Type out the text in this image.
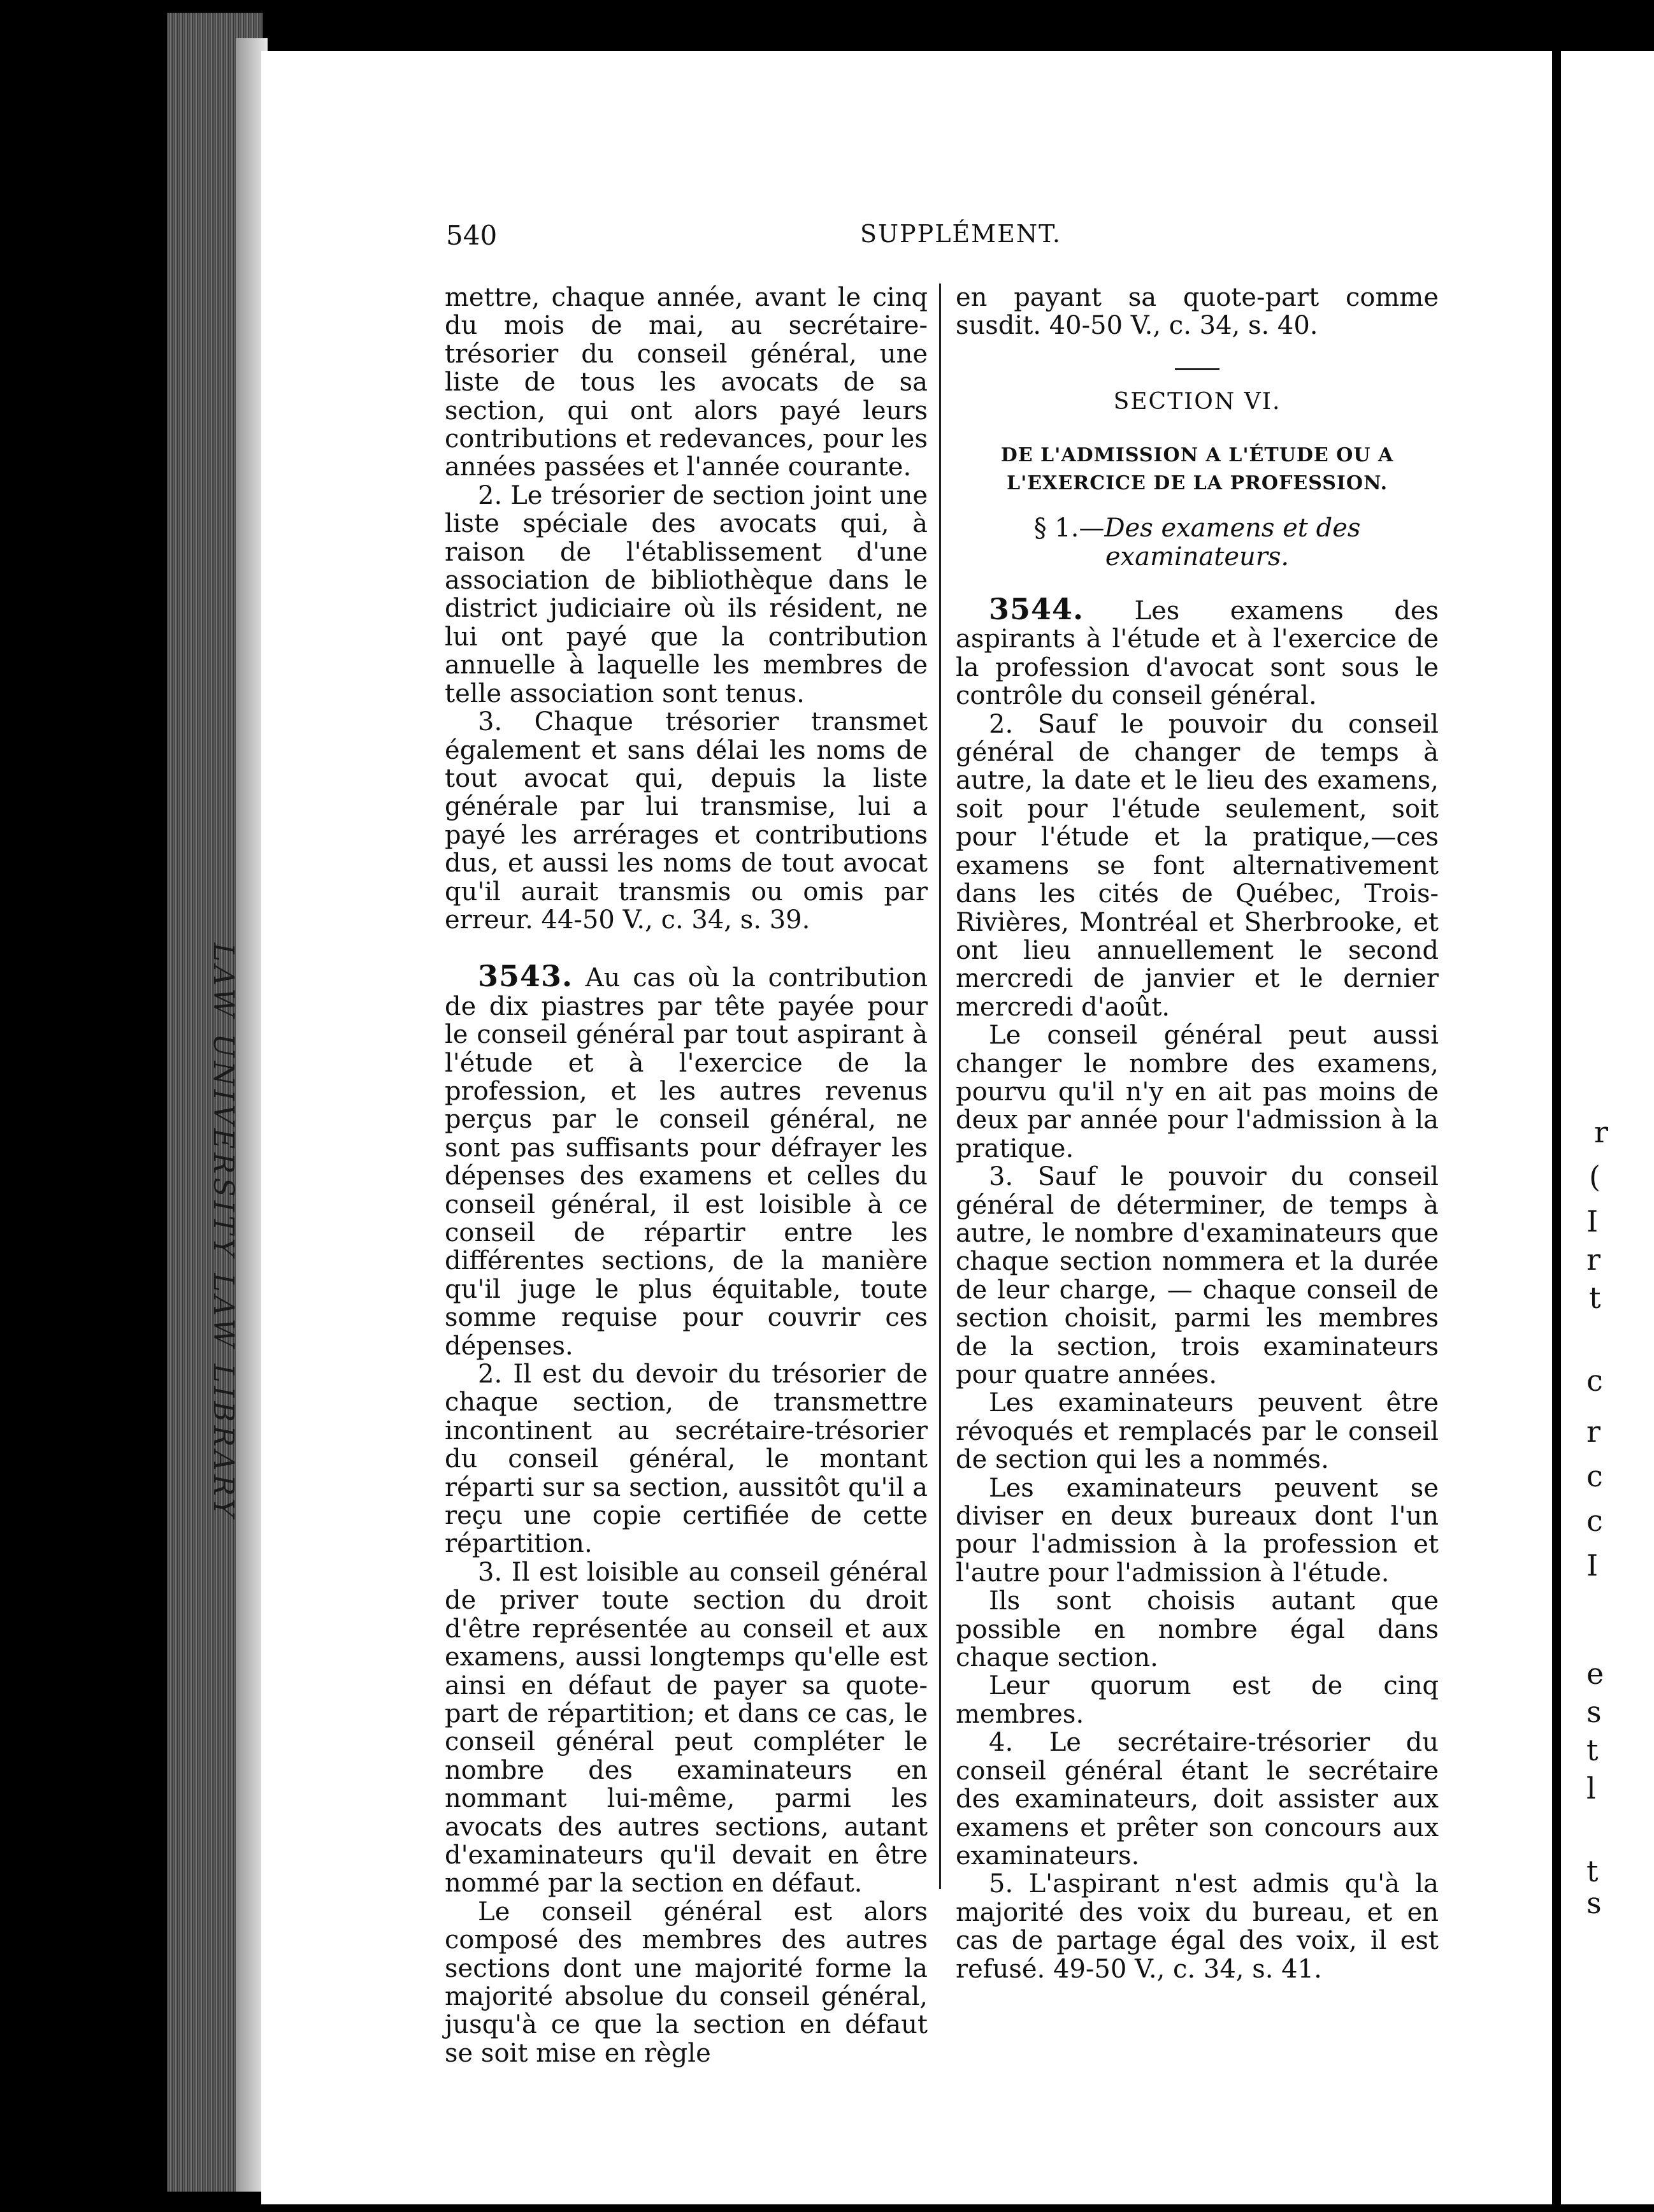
LAW UNIVERSITY LAW LIBRARY	r
(
I
r
t
c
r
c
c
I
e
s
t
l
t
s
540	SUPPLÉMENT.

mettre, chaque année, avant le cinq du mois de mai, au secrétaire-trésorier du conseil général, une liste de tous les avocats de sa section, qui ont alors payé leurs contributions et redevances, pour les années passées et l'année courante.

2. Le trésorier de section joint une liste spéciale des avocats qui, à raison de l'établissement d'une association de bibliothèque dans le district judiciaire où ils résident, ne lui ont payé que la contribution annuelle à laquelle les membres de telle association sont tenus.

3. Chaque trésorier transmet également et sans délai les noms de tout avocat qui, depuis la liste générale par lui transmise, lui a payé les arrérages et contributions dus, et aussi les noms de tout avocat qu'il aurait transmis ou omis par erreur. 44-50 V., c. 34, s. 39.

3543. Au cas où la contribution de dix piastres par tête payée pour le conseil général par tout aspirant à l'étude et à l'exercice de la profession, et les autres revenus perçus par le conseil général, ne sont pas suffisants pour défrayer les dépenses des examens et celles du conseil général, il est loisible à ce conseil de répartir entre les différentes sections, de la manière qu'il juge le plus équitable, toute somme requise pour couvrir ces dépenses.

2. Il est du devoir du trésorier de chaque section, de transmettre incontinent au secrétaire-trésorier du conseil général, le montant réparti sur sa section, aussitôt qu'il a reçu une copie certifiée de cette répartition.

3. Il est loisible au conseil général de priver toute section du droit d'être représentée au conseil et aux examens, aussi longtemps qu'elle est ainsi en défaut de payer sa quote-part de répartition; et dans ce cas, le conseil général peut compléter le nombre des examinateurs en nommant lui-même, parmi les avocats des autres sections, autant d'examinateurs qu'il devait en être nommé par la section en défaut.

Le conseil général est alors composé des membres des autres sections dont une majorité forme la majorité absolue du conseil général, jusqu'à ce que la section en défaut se soit mise en règle

en payant sa quote-part comme susdit. 40-50 V., c. 34, s. 40.

SECTION VI.
DE L'ADMISSION A L'ÉTUDE OU A L'EXERCICE DE LA PROFESSION.
§ 1.—Des examens et des examinateurs.

3544. Les examens des aspirants à l'étude et à l'exercice de la profession d'avocat sont sous le contrôle du conseil général.

2. Sauf le pouvoir du conseil général de changer de temps à autre, la date et le lieu des examens, soit pour l'étude seulement, soit pour l'étude et la pratique,—ces examens se font alternativement dans les cités de Québec, Trois-Rivières, Montréal et Sherbrooke, et ont lieu annuellement le second mercredi de janvier et le dernier mercredi d'août.

Le conseil général peut aussi changer le nombre des examens, pourvu qu'il n'y en ait pas moins de deux par année pour l'admission à la pratique.

3. Sauf le pouvoir du conseil général de déterminer, de temps à autre, le nombre d'examinateurs que chaque section nommera et la durée de leur charge, — chaque conseil de section choisit, parmi les membres de la section, trois examinateurs pour quatre années.

Les examinateurs peuvent être révoqués et remplacés par le conseil de section qui les a nommés.

Les examinateurs peuvent se diviser en deux bureaux dont l'un pour l'admission à la profession et l'autre pour l'admission à l'étude.

Ils sont choisis autant que possible en nombre égal dans chaque section.

Leur quorum est de cinq membres.

4. Le secrétaire-trésorier du conseil général étant le secrétaire des examinateurs, doit assister aux examens et prêter son concours aux examinateurs.

5. L'aspirant n'est admis qu'à la majorité des voix du bureau, et en cas de partage égal des voix, il est refusé. 49-50 V., c. 34, s. 41.
